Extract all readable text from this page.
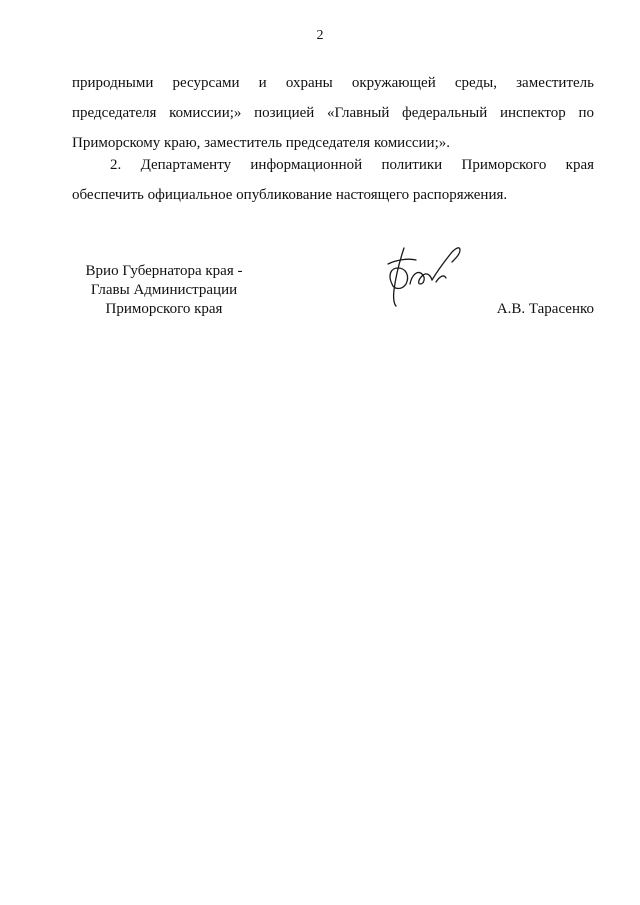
2
природными ресурсами и охраны окружающей среды, заместитель
председателя комиссии;» позицией «Главный федеральный инспектор по
Приморскому краю, заместитель председателя комиссии;».
2. Департаменту информационной политики Приморского края
обеспечить официальное опубликование настоящего распоряжения.
Врио Губернатора края -
Главы Администрации
Приморского края	А.В. Тарасенко
